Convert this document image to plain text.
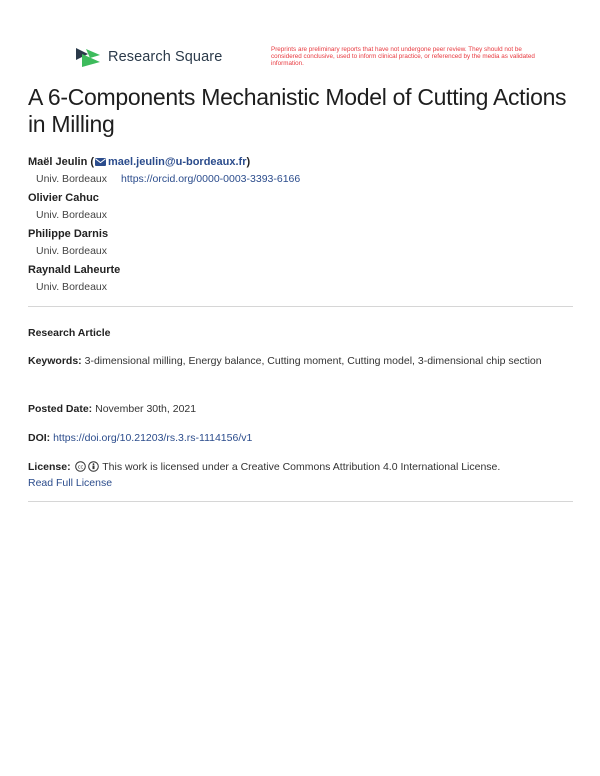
Research Square	Preprints are preliminary reports that have not undergone peer review. They should not be considered conclusive, used to inform clinical practice, or referenced by the media as validated information.
A 6-Components Mechanistic Model of Cutting Actions in Milling
Maël Jeulin ( mael.jeulin@u-bordeaux.fr)
Univ. Bordeaux https://orcid.org/0000-0003-3393-6166
Olivier Cahuc
Univ. Bordeaux
Philippe Darnis
Univ. Bordeaux
Raynald Laheurte
Univ. Bordeaux
Research Article
Keywords: 3-dimensional milling, Energy balance, Cutting moment, Cutting model, 3-dimensional chip section
Posted Date: November 30th, 2021
DOI: https://doi.org/10.21203/rs.3.rs-1114156/v1
License: cc This work is licensed under a Creative Commons Attribution 4.0 International License.
Read Full License
